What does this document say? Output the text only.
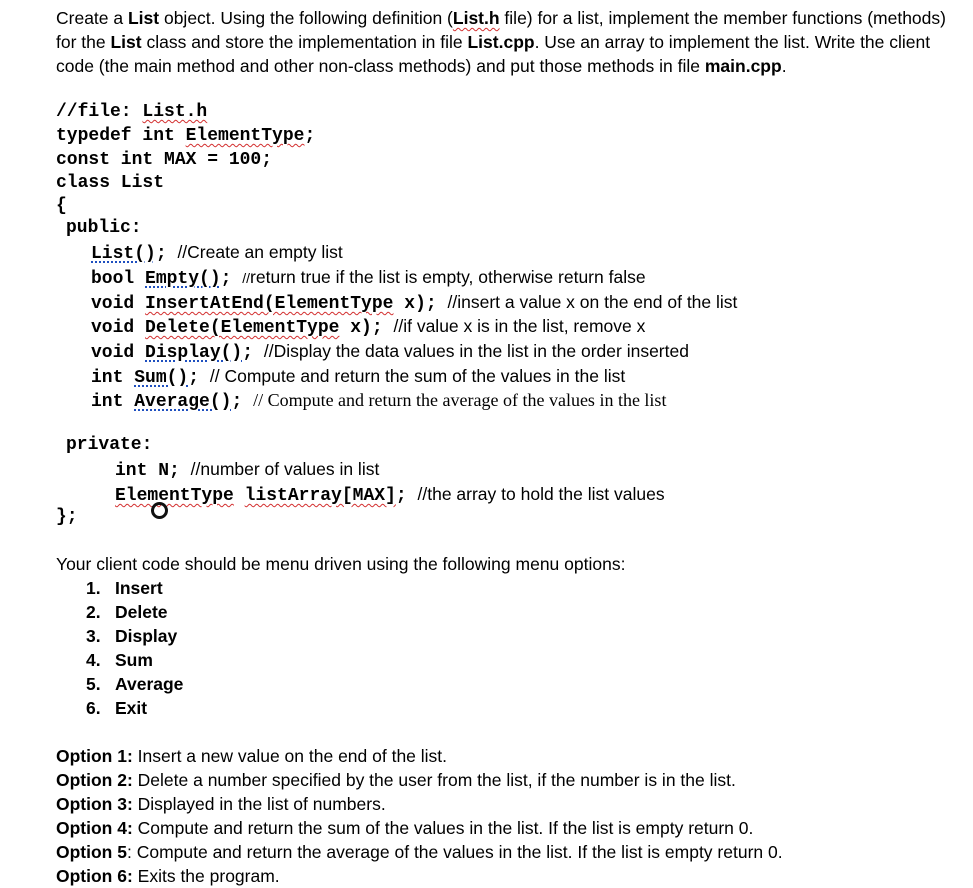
Create a List object. Using the following definition (List.h file) for a list, implement the member functions (methods) for the List class and store the implementation in file List.cpp. Use an array to implement the list. Write the client code (the main method and other non-class methods) and put those methods in file main.cpp.

//file: List.h
typedef int ElementType;
const int MAX = 100;
class List
{
public:
List(); //Create an empty list
bool Empty(); //return true if the list is empty, otherwise return false
void InsertAtEnd(ElementType x); //insert a value x on the end of the list
void Delete(ElementType x); //if value x is in the list, remove x
void Display(); //Display the data values in the list in the order inserted
int Sum(); // Compute and return the sum of the values in the list
int Average(); // Compute and return the average of the values in the list
private:
int N; //number of values in list
ElementType listArray[MAX]; //the array to hold the list values
};
Your client code should be menu driven using the following menu options:
1. Insert
2. Delete
3. Display
4. Sum
5. Average
6. Exit
Option 1: Insert a new value on the end of the list.
Option 2: Delete a number specified by the user from the list, if the number is in the list.
Option 3: Displayed in the list of numbers.
Option 4: Compute and return the sum of the values in the list. If the list is empty return 0.
Option 5: Compute and return the average of the values in the list. If the list is empty return 0.
Option 6: Exits the program.
